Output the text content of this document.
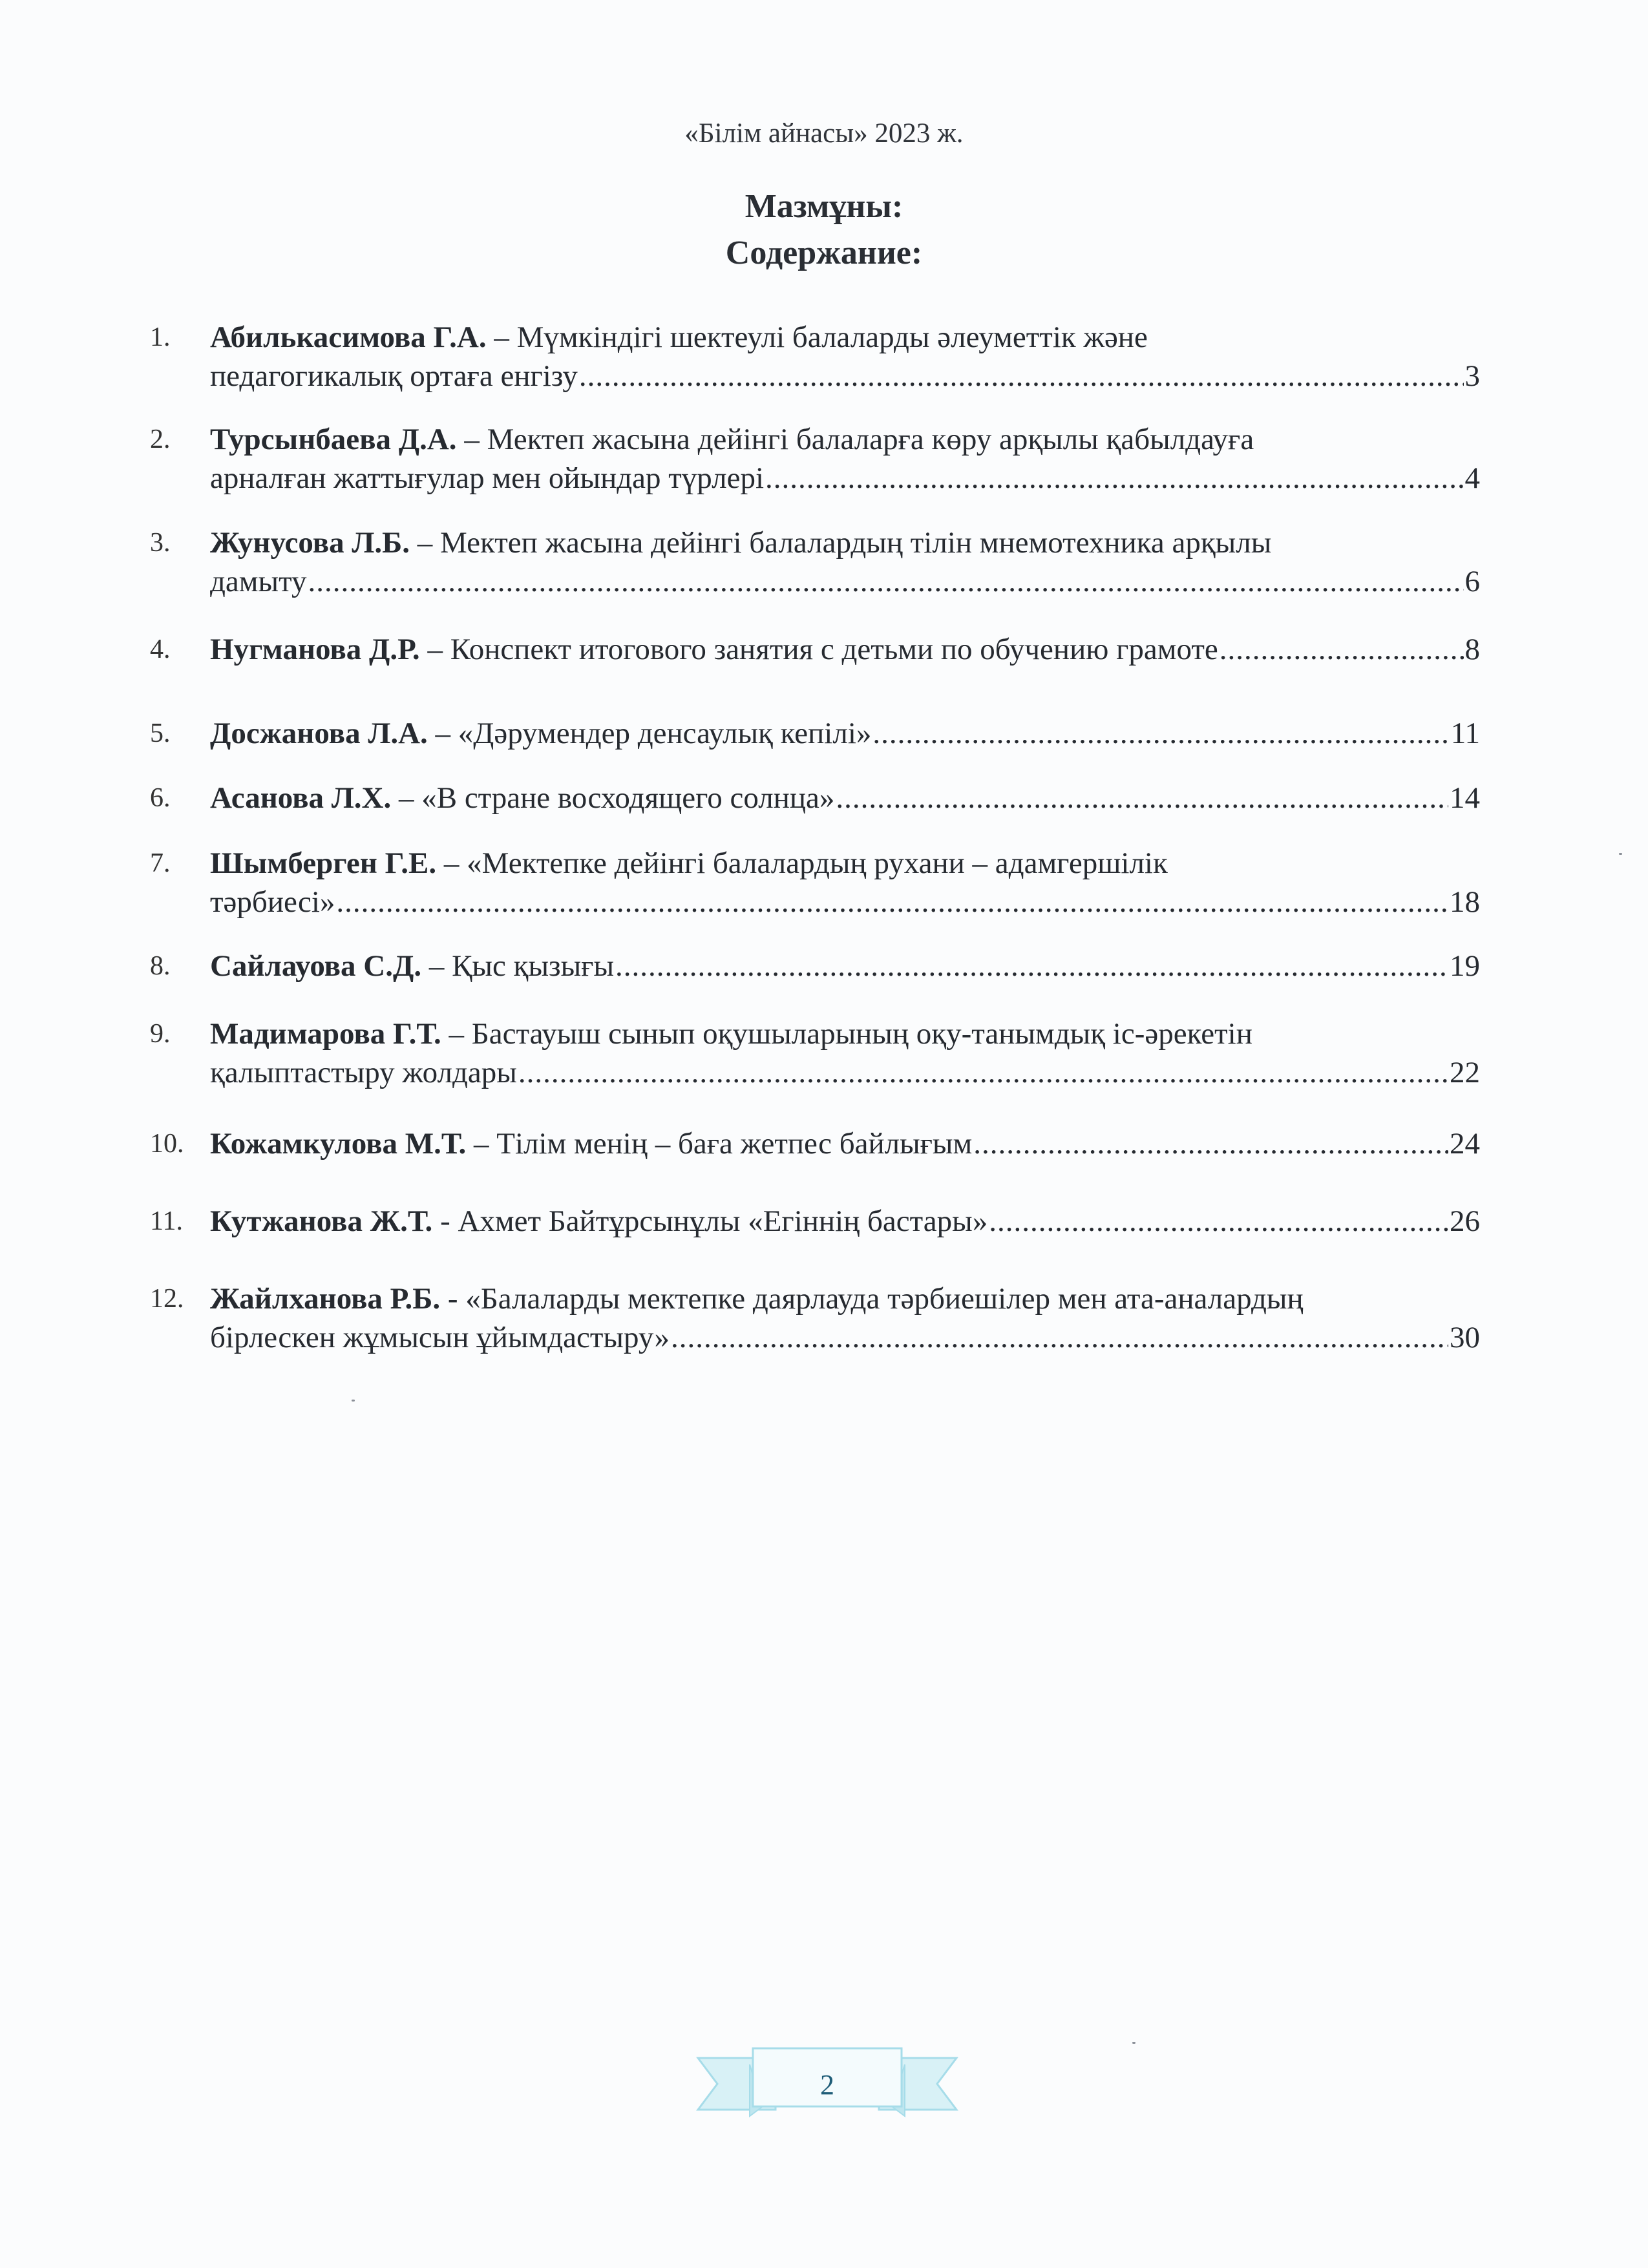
«Білім айнасы» 2023 ж.
Мазмұны:
Содержание:
1.	Абилькасимова Г.А. – Мүмкіндігі шектеулі балаларды әлеуметтік және
педагогикалық ортаға енгізу .....	3
2.	Турсынбаева Д.А. – Мектеп жасына дейінгі балаларға көру арқылы қабылдауға
арналған жаттығулар мен ойындар түрлері .....	4
3.	Жунусова Л.Б. – Мектеп жасына дейінгі балалардың тілін мнемотехника арқылы
дамыту .....	6
4.	Нугманова Д.Р. – Конспект итогового занятия с детьми по обучению грамоте .....	8
5.	Досжанова Л.А. – «Дәрумендер денсаулық кепілі» .....	11
6.	Асанова Л.Х. – «В стране восходящего солнца» .....	14
7.	Шымберген Г.Е. – «Мектепке дейінгі балалардың рухани – адамгершілік
тәрбиесі» .....	18
8.	Сайлауова С.Д. – Қыс қызығы .....	19
9.	Мадимарова Г.Т. – Бастауыш сынып оқушыларының оқу-танымдық іс-әрекетін
қалыптастыру жолдары .....	22
10. Кожамкулова М.Т. – Тілім менің – баға жетпес байлығым .....	24
11. Кутжанова Ж.Т. - Ахмет Байтұрсынұлы «Егіннің бастары» .....	26
12. Жайлханова Р.Б. - «Балаларды мектепке даярлауда тәрбиешілер мен ата-аналардың
бірлескен жұмысын ұйымдастыру» .....	30
2
